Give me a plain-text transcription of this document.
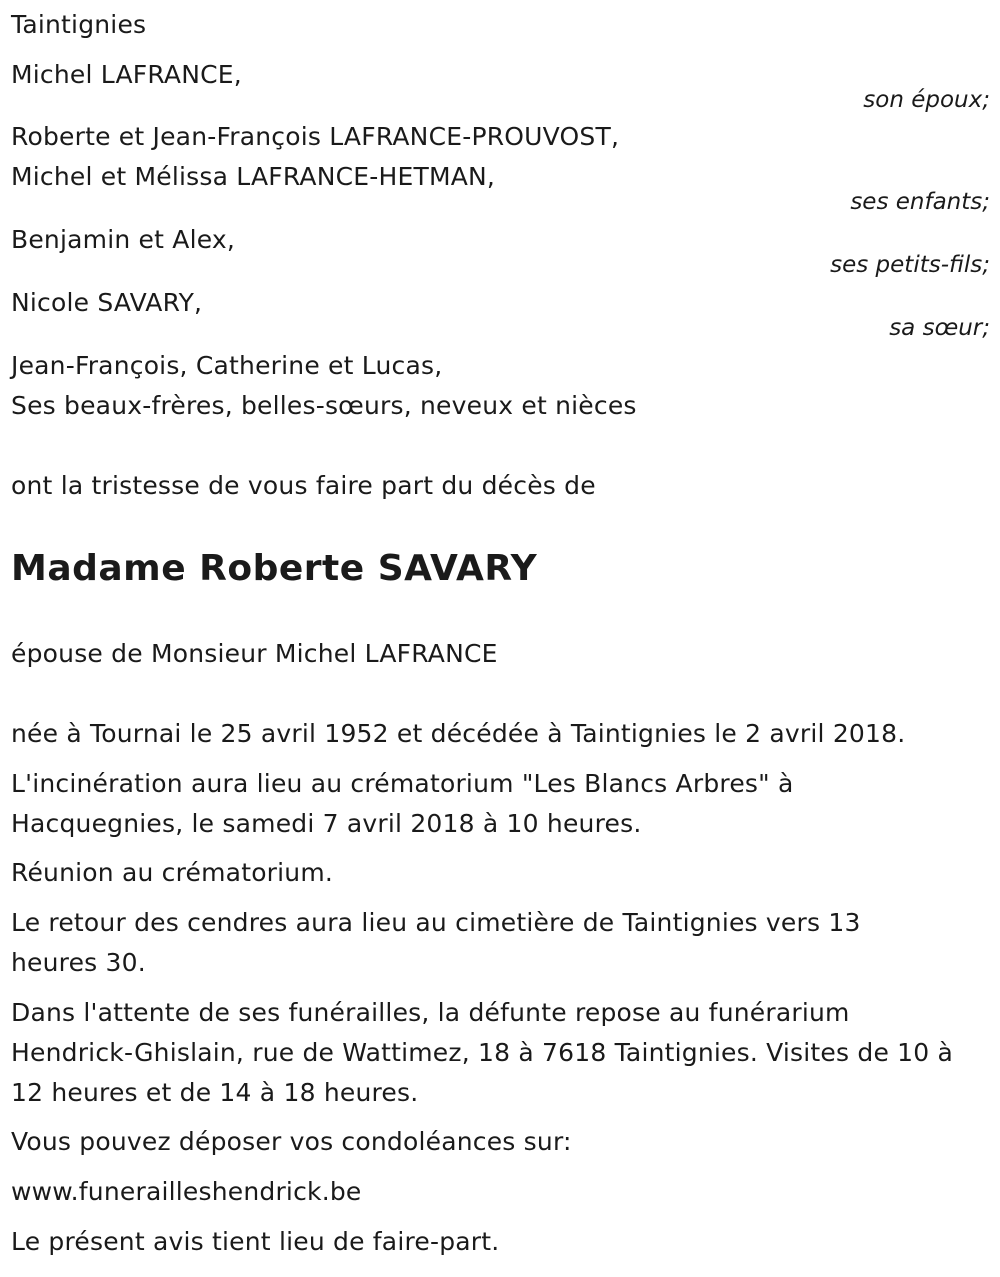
Taintignies
Michel LAFRANCE,
son époux;
Roberte et Jean-François LAFRANCE-PROUVOST,
Michel et Mélissa LAFRANCE-HETMAN,
ses enfants;
Benjamin et Alex,
ses petits-fils;
Nicole SAVARY,
sa sœur;
Jean-François, Catherine et Lucas,
Ses beaux-frères, belles-sœurs, neveux et nièces
ont la tristesse de vous faire part du décès de
Madame Roberte SAVARY
épouse de Monsieur Michel LAFRANCE
née à Tournai le 25 avril 1952 et décédée à Taintignies le 2 avril 2018.
L'incinération aura lieu au crématorium "Les Blancs Arbres" à
Hacquegnies, le samedi 7 avril 2018 à 10 heures.
Réunion au crématorium.
Le retour des cendres aura lieu au cimetière de Taintignies vers 13
heures 30.
Dans l'attente de ses funérailles, la défunte repose au funérarium
Hendrick-Ghislain, rue de Wattimez, 18 à 7618 Taintignies. Visites de 10 à
12 heures et de 14 à 18 heures.
Vous pouvez déposer vos condoléances sur:
www.funerailleshendrick.be
Le présent avis tient lieu de faire-part.
